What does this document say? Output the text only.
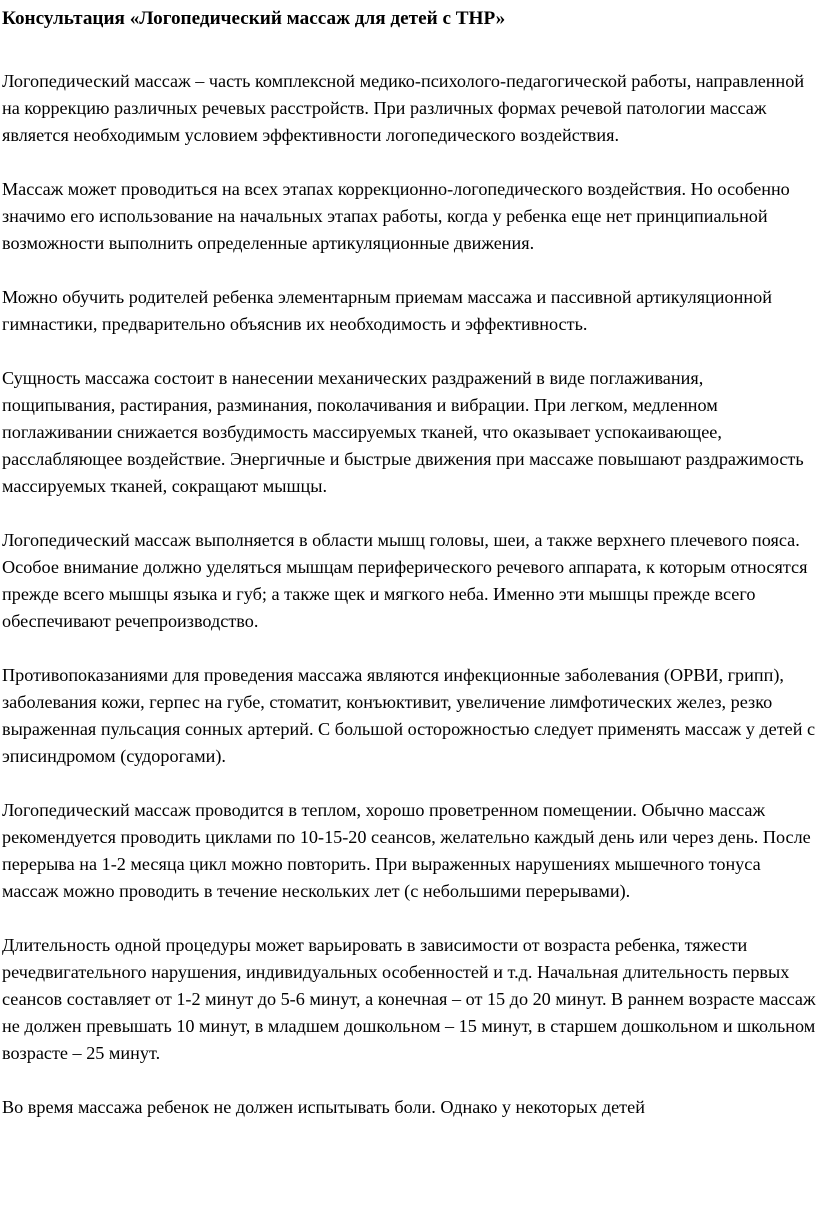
Консультация «Логопедический массаж для детей с ТНР»

Логопедический массаж – часть комплексной медико-психолого-педагогической работы, направленной на коррекцию различных речевых расстройств. При различных формах речевой патологии массаж является необходимым условием эффективности логопедического воздействия.

Массаж может проводиться на всех этапах коррекционно-логопедического воздействия. Но особенно значимо его использование на начальных этапах работы, когда у ребенка еще нет принципиальной возможности выполнить определенные артикуляционные движения.

Можно обучить родителей ребенка элементарным приемам массажа и пассивной артикуляционной гимнастики, предварительно объяснив их необходимость и эффективность.

Сущность массажа состоит в нанесении механических раздражений в виде поглаживания, пощипывания, растирания, разминания, поколачивания и вибрации. При легком, медленном поглаживании снижается возбудимость массируемых тканей, что оказывает успокаивающее, расслабляющее воздействие. Энергичные и быстрые движения при массаже повышают раздражимость массируемых тканей, сокращают мышцы.

Логопедический массаж выполняется в области мышц головы, шеи, а также верхнего плечевого пояса. Особое внимание должно уделяться мышцам периферического речевого аппарата, к которым относятся прежде всего мышцы языка и губ; а также щек и мягкого неба. Именно эти мышцы прежде всего обеспечивают речепроизводство.

Противопоказаниями для проведения массажа являются инфекционные заболевания (ОРВИ, грипп), заболевания кожи, герпес на губе, стоматит, конъюктивит, увеличение лимфотических желез, резко выраженная пульсация сонных артерий. С большой осторожностью следует применять массаж у детей с эписиндромом (судорогами).

Логопедический массаж проводится в теплом, хорошо проветренном помещении. Обычно массаж рекомендуется проводить циклами по 10-15-20 сеансов, желательно каждый день или через день. После перерыва на 1-2 месяца цикл можно повторить. При выраженных нарушениях мышечного тонуса массаж можно проводить в течение нескольких лет (с небольшими перерывами).

Длительность одной процедуры может варьировать в зависимости от возраста ребенка, тяжести речедвигательного нарушения, индивидуальных особенностей и т.д. Начальная длительность первых сеансов составляет от 1-2 минут до 5-6 минут, а конечная – от 15 до 20 минут. В раннем возрасте массаж не должен превышать 10 минут, в младшем дошкольном – 15 минут, в старшем дошкольном и школьном возрасте – 25 минут.

Во время массажа ребенок не должен испытывать боли. Однако у некоторых детей
